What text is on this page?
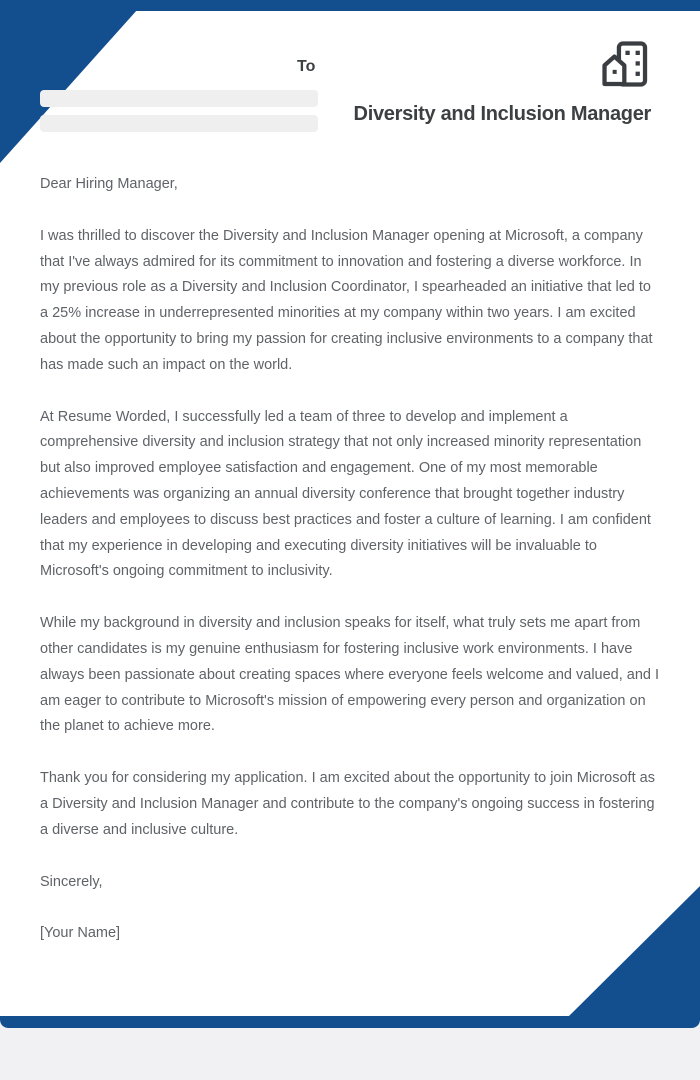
To
Diversity and Inclusion Manager

Dear Hiring Manager,

I was thrilled to discover the Diversity and Inclusion Manager opening at Microsoft, a company that I've always admired for its commitment to innovation and fostering a diverse workforce. In my previous role as a Diversity and Inclusion Coordinator, I spearheaded an initiative that led to a 25% increase in underrepresented minorities at my company within two years. I am excited about the opportunity to bring my passion for creating inclusive environments to a company that has made such an impact on the world.

At Resume Worded, I successfully led a team of three to develop and implement a comprehensive diversity and inclusion strategy that not only increased minority representation but also improved employee satisfaction and engagement. One of my most memorable achievements was organizing an annual diversity conference that brought together industry leaders and employees to discuss best practices and foster a culture of learning. I am confident that my experience in developing and executing diversity initiatives will be invaluable to Microsoft's ongoing commitment to inclusivity.

While my background in diversity and inclusion speaks for itself, what truly sets me apart from other candidates is my genuine enthusiasm for fostering inclusive work environments. I have always been passionate about creating spaces where everyone feels welcome and valued, and I am eager to contribute to Microsoft's mission of empowering every person and organization on the planet to achieve more.

Thank you for considering my application. I am excited about the opportunity to join Microsoft as a Diversity and Inclusion Manager and contribute to the company's ongoing success in fostering a diverse and inclusive culture.

Sincerely,

[Your Name]
